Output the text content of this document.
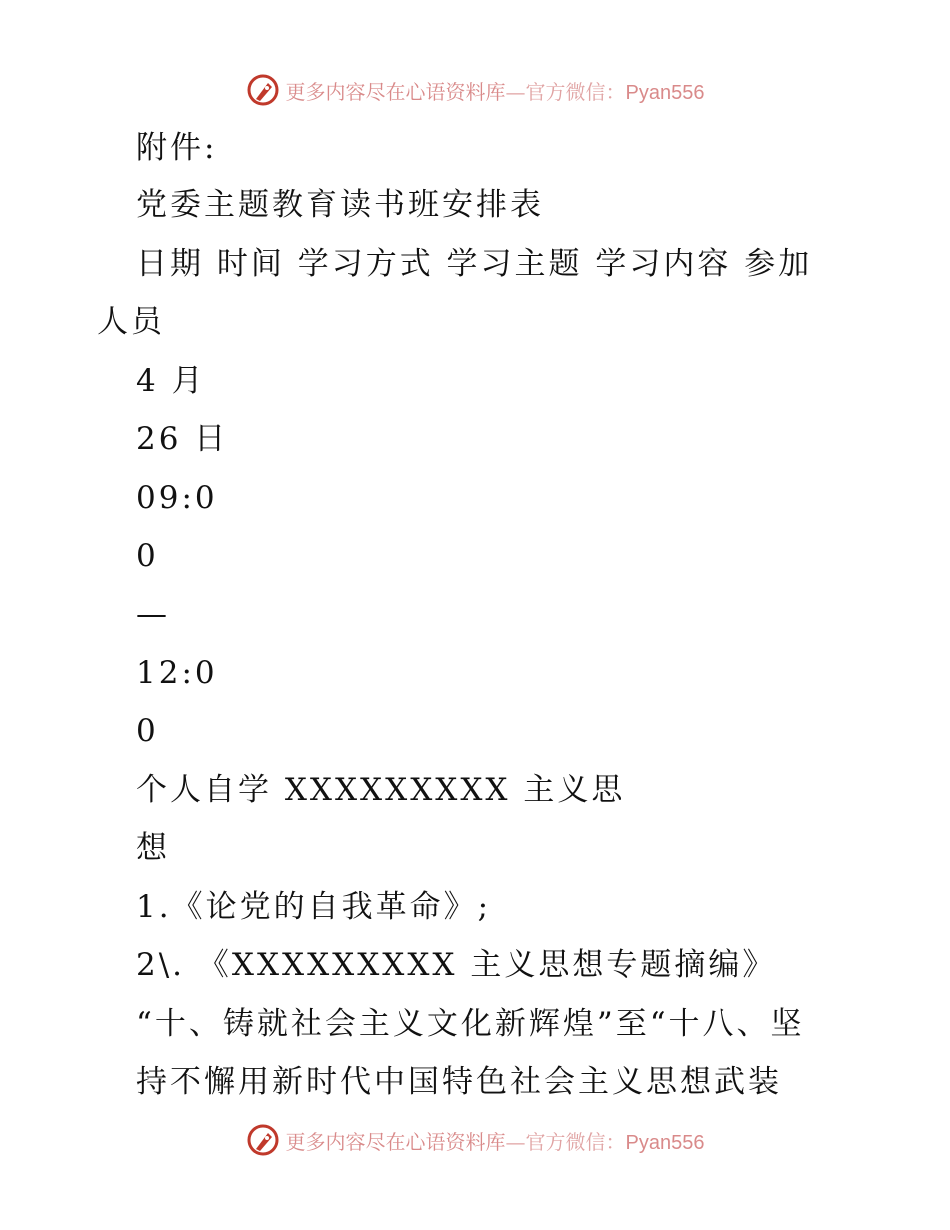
更多内容尽在心语资料库—官方微信：Pyan556
附件:
党委主题教育读书班安排表
日期 时间 学习方式 学习主题 学习内容 参加
人员
4 月
26 日
09:0
0
—
12:0
0
个人自学 XXXXXXXXX 主义思
想
1.《论党的自我革命》;
2\. 《XXXXXXXXX 主义思想专题摘编》
“十、铸就社会主义文化新辉煌”至“十八、坚
持不懈用新时代中国特色社会主义思想武装
更多内容尽在心语资料库—官方微信：Pyan556
